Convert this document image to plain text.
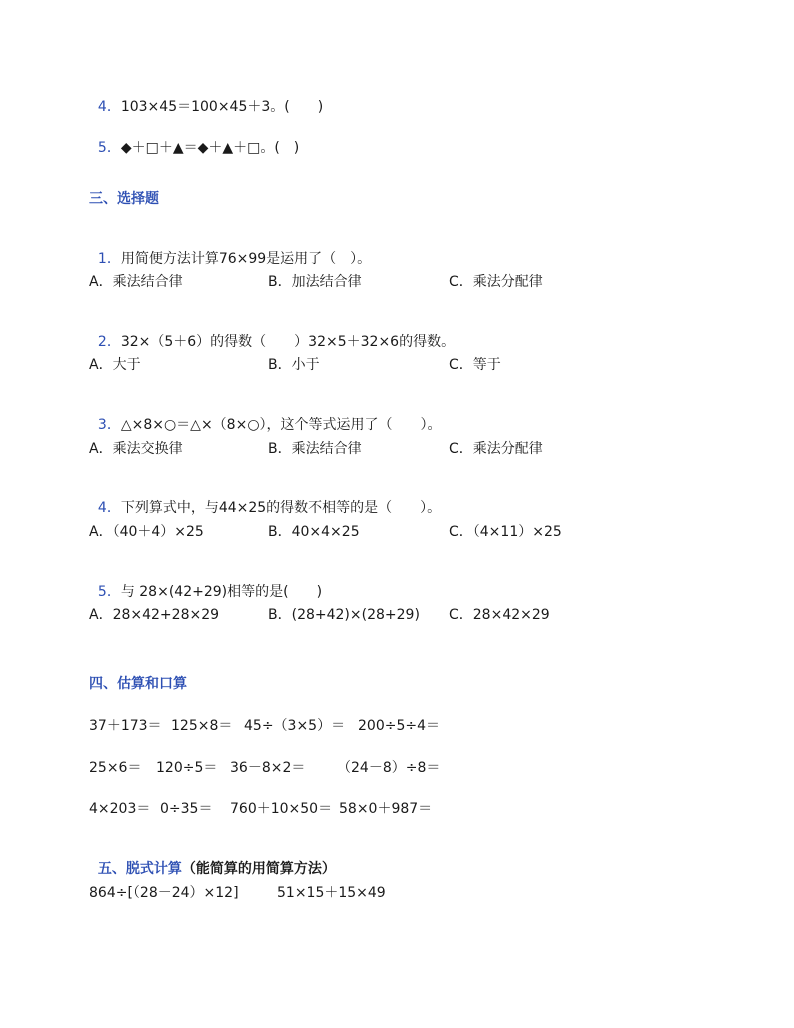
4．103×45＝100×45＋3。(　　)

5．◆＋□＋▲＝◆＋▲＋□。(　)

三、选择题

1．用简便方法计算76×99是运用了（　）。

A．乘法结合律	B．加法结合律	C．乘法分配律

2．32×（5＋6）的得数（　　）32×5＋32×6的得数。

A．大于	B．小于	C．等于

3．△×8×○＝△×（8×○），这个等式运用了（　　）。

A．乘法交换律	B．乘法结合律	C．乘法分配律

4．下列算式中，与44×25的得数不相等的是（　　）。

A．（40＋4）×25	B．40×4×25	C．（4×11）×25

5．与 28×(42+29)相等的是(　　)

A．28×42+28×29	B．(28+42)×(28+29) C．28×42×29
四、估算和口算
37＋173＝ 125×8＝ 45÷（3×5）＝ 200÷5÷4＝
25×6＝ 120÷5＝ 36－8×2＝ （24－8）÷8＝
4×203＝ 0÷35＝ 760＋10×50＝ 58×0＋987＝

五、脱式计算（能简算的用简算方法）

864÷[（28－24）×12]	51×15＋15×49
